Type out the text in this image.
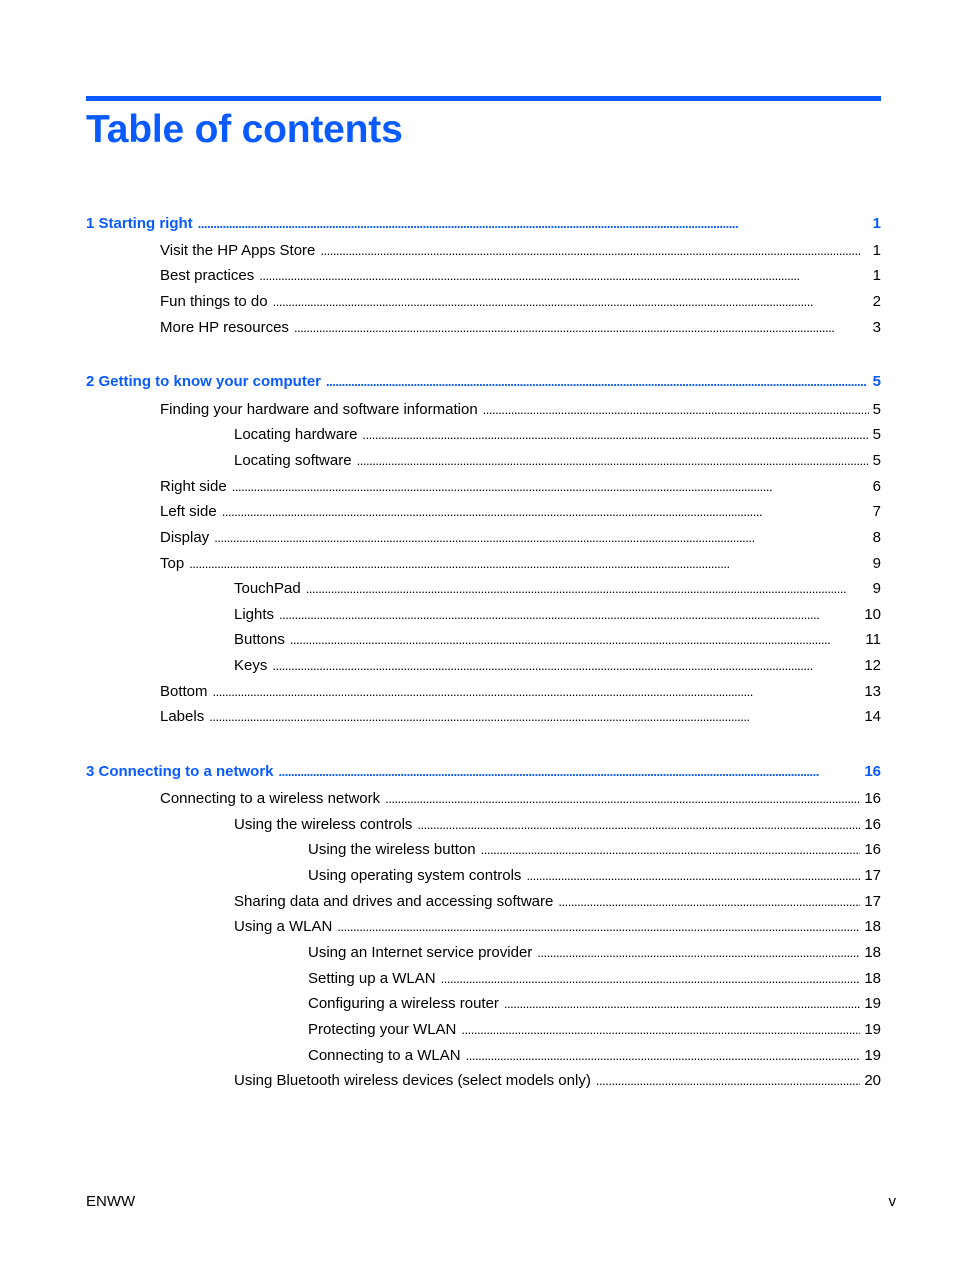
Table of contents
1 Starting right . . .	1
Visit the HP Apps Store . . .	1
Best practices . . .	1
Fun things to do . . .	2
More HP resources . . .	3
2 Getting to know your computer . . .	5
Finding your hardware and software information . . .	5
Locating hardware . . .	5
Locating software . . .	5
Right side . . .	6
Left side . . .	7
Display . . .	8
Top . . .	9
TouchPad . . .	9
Lights . . .	10
Buttons . . .	11
Keys . . .	12
Bottom . . .	13
Labels . . .	14
3 Connecting to a network . . .	16
Connecting to a wireless network . . .	16
Using the wireless controls . . .	16
Using the wireless button . . .	16
Using operating system controls . . .	17
Sharing data and drives and accessing software . . .	17
Using a WLAN . . .	18
Using an Internet service provider . . .	18
Setting up a WLAN . . .	18
Configuring a wireless router . . .	19
Protecting your WLAN . . .	19
Connecting to a WLAN . . .	19
Using Bluetooth wireless devices (select models only) . . .	20
ENWW	v
